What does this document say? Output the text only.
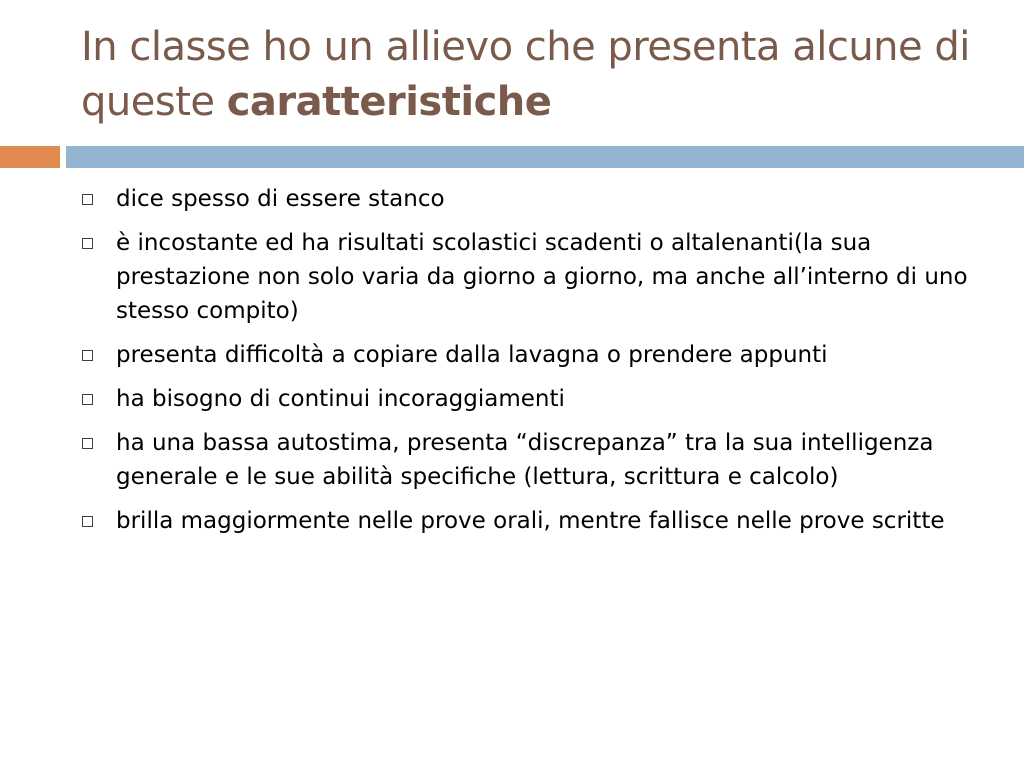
In classe ho un allievo che presenta alcune di queste caratteristiche
dice spesso di essere stanco
è incostante ed ha risultati scolastici scadenti o altalenanti(la sua prestazione non solo varia da giorno a giorno, ma anche all’interno di uno stesso compito)
presenta difficoltà a copiare dalla lavagna o prendere appunti
ha bisogno di continui incoraggiamenti
ha una bassa autostima, presenta “discrepanza” tra la sua intelligenza generale e le sue abilità specifiche (lettura, scrittura e calcolo)
brilla maggiormente nelle prove orali, mentre fallisce nelle prove scritte
